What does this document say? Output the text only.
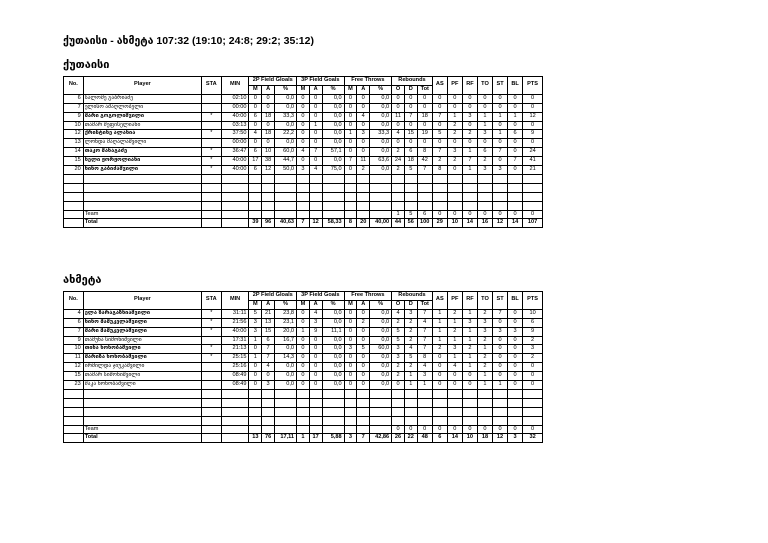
ქუთაისი - ახმეტა 107:32 (19:10; 24:8; 29:2; 35:12)
ქუთაისი
No.	Player	STA	MIN	2P Field Gloals			3P Field Goals			Free Throws			Rebounds			AS	PF	RF	TO	ST	BL	PTS
				M	A	%	M	A	%	M	A	%	O	D	Tot							
6	სალომე გაბრიაძე		02:10	0	0	0,0	0	0	0,0	0	0	0,0	0	0	0	0	0	0	0	0	0	0
7	ელისო აშაღლობელი		00:00	0	0	0,0	0	0	0,0	0	0	0,0	0	0	0	0	0	0	0	0	0	0
9	მარი გოგოლიშვილი	*	40:00	6	18	33,3	0	0	0,0	0	4	0,0	11	7	18	7	1	3	1	1	1	12
10	თამარ მეფისელიანი		03:13	0	0	0,0	0	1	0,0	0	0	0,0	0	0	0	0	2	0	1	0	0	0
12	ქრისტინე ალანია	*	37:50	4	18	22,2	0	0	0,0	1	3	33,3	4	15	19	5	2	2	3	1	6	9
13	ლონდა მაღალაშვილი		00:00	0	0	0,0	0	0	0,0	0	0	0,0	0	0	0	0	0	0	0	0	0	0
14	თაკო მანაგაძე	*	36:47	6	10	60,0	4	7	57,1	0	0	0,0	2	6	8	7	3	1	6	7	0	24
15	ნელი ჟორჟოლიანი	*	40:00	17	38	44,7	0	0	0,0	7	11	63,6	24	18	42	2	2	7	2	0	7	41
20	ნინო გაბიძაშვილი	*	40:00	6	12	50,0	3	4	75,0	0	2	0,0	2	5	7	8	0	1	3	3	0	21

	Team												1	5	6	0	0	0	0	0	0	0
	Total			39	96	40,63	7	12	58,33	8	20	40,00	44	56	100	29	10	14	16	12	14	107
ახმეტა
No.	Player	STA	MIN	2P Field Gloals			3P Field Goals			Free Throws			Rebounds			AS	PF	RF	TO	ST	BL	PTS
				M	A	%	M	A	%	M	A	%	O	D	Tot							
4	ელა ზარაგაზნიაშვილი	*	31:11	5	21	23,8	0	4	0,0	0	0	0,0	4	3	7	1	2	1	2	7	0	10
6	ნინო მამუკელაშვილი	*	21:56	3	13	23,1	0	3	0,0	0	2	0,0	2	2	4	1	1	3	3	0	0	6
7	მარი მამუკელაშვილი	*	40:00	3	15	20,0	1	9	11,1	0	0	0,0	5	2	7	1	2	1	3	3	3	9
9	თამუნა სიმონიშვილი		17:31	1	6	16,7	0	0	0,0	0	0	0,0	5	2	7	1	1	1	2	0	0	2
10	თინა ხოხობაშვილი	*	21:13	0	7	0,0	0	0	0,0	3	5	60,0	3	4	7	2	3	2	1	0	0	3
11	მარიზა ხოხობაშვილი	*	25:15	1	7	14,3	0	0	0,0	0	0	0,0	3	5	8	0	1	1	2	0	0	2
12	ირმილდა ჯიუკაშვილი		25:16	0	4	0,0	0	0	0,0	0	0	0,0	2	2	4	0	4	1	2	0	0	0
15	თამარ სიმონიშვილი		08:49	0	0	0,0	0	0	0,0	0	0	0,0	2	1	3	0	0	0	1	0	0	0
23	მაკა ხოხობაშვილი		08:49	0	3	0,0	0	0	0,0	0	0	0,0	0	1	1	0	0	0	1	1	0	0

	Team												0	0	0	0	0	0	0	0	0	0
	Total			13	76	17,11	1	17	5,88	3	7	42,86	26	22	48	6	14	10	18	12	3	32
